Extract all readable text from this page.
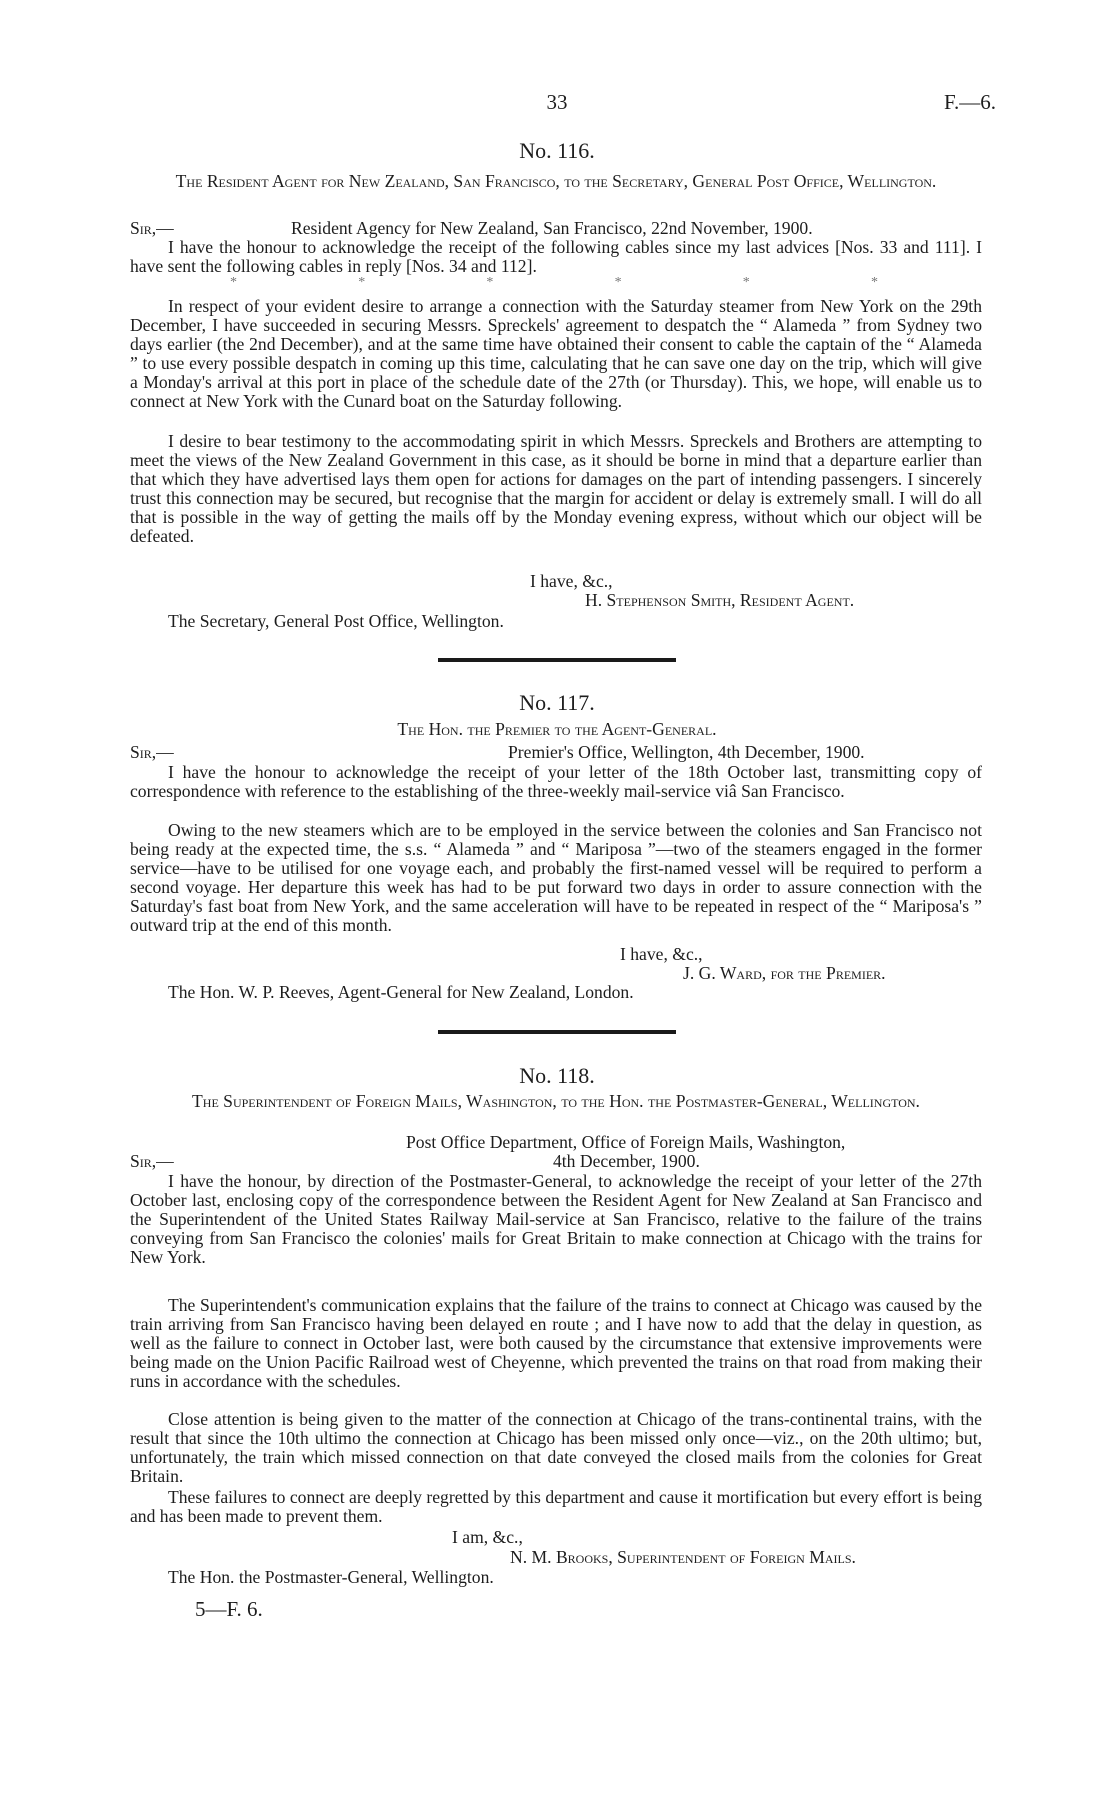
33	F.—6.
No. 116.
The Resident Agent for New Zealand, San Francisco, to the Secretary, General Post Office, Wellington.
Sir,—	Resident Agency for New Zealand, San Francisco, 22nd November, 1900.

I have the honour to acknowledge the receipt of the following cables since my last advices [Nos. 33 and 111]. I have sent the following cables in reply [Nos. 34 and 112].

*	*	*	*	*	*

In respect of your evident desire to arrange a connection with the Saturday steamer from New York on the 29th December, I have succeeded in securing Messrs. Spreckels' agreement to despatch the “ Alameda ” from Sydney two days earlier (the 2nd December), and at the same time have obtained their consent to cable the captain of the “ Alameda ” to use every possible despatch in coming up this time, calculating that he can save one day on the trip, which will give a Monday's arrival at this port in place of the schedule date of the 27th (or Thursday). This, we hope, will enable us to connect at New York with the Cunard boat on the Saturday following.

I desire to bear testimony to the accommodating spirit in which Messrs. Spreckels and Brothers are attempting to meet the views of the New Zealand Government in this case, as it should be borne in mind that a departure earlier than that which they have advertised lays them open for actions for damages on the part of intending passengers. I sincerely trust this connection may be secured, but recognise that the margin for accident or delay is extremely small. I will do all that is possible in the way of getting the mails off by the Monday evening express, without which our object will be defeated.

I have, &c.,
H. Stephenson Smith, Resident Agent.
The Secretary, General Post Office, Wellington.
No. 117.
The Hon. the Premier to the Agent-General.
Sir,—	Premier's Office, Wellington, 4th December, 1900.

I have the honour to acknowledge the receipt of your letter of the 18th October last, transmitting copy of correspondence with reference to the establishing of the three-weekly mail-service viâ San Francisco.

Owing to the new steamers which are to be employed in the service between the colonies and San Francisco not being ready at the expected time, the s.s. “ Alameda ” and “ Mariposa ”—two of the steamers engaged in the former service—have to be utilised for one voyage each, and probably the first-named vessel will be required to perform a second voyage. Her departure this week has had to be put forward two days in order to assure connection with the Saturday's fast boat from New York, and the same acceleration will have to be repeated in respect of the “ Mariposa's ” outward trip at the end of this month.

I have, &c.,
J. G. Ward, for the Premier.
The Hon. W. P. Reeves, Agent-General for New Zealand, London.
No. 118.
The Superintendent of Foreign Mails, Washington, to the Hon. the Postmaster-General, Wellington.
Post Office Department, Office of Foreign Mails, Washington,
Sir,—	4th December, 1900.

I have the honour, by direction of the Postmaster-General, to acknowledge the receipt of your letter of the 27th October last, enclosing copy of the correspondence between the Resident Agent for New Zealand at San Francisco and the Superintendent of the United States Railway Mail-service at San Francisco, relative to the failure of the trains conveying from San Francisco the colonies' mails for Great Britain to make connection at Chicago with the trains for New York.

The Superintendent's communication explains that the failure of the trains to connect at Chicago was caused by the train arriving from San Francisco having been delayed en route ; and I have now to add that the delay in question, as well as the failure to connect in October last, were both caused by the circumstance that extensive improvements were being made on the Union Pacific Railroad west of Cheyenne, which prevented the trains on that road from making their runs in accordance with the schedules.

Close attention is being given to the matter of the connection at Chicago of the trans-continental trains, with the result that since the 10th ultimo the connection at Chicago has been missed only once—viz., on the 20th ultimo; but, unfortunately, the train which missed connection on that date conveyed the closed mails from the colonies for Great Britain.

These failures to connect are deeply regretted by this department and cause it mortification but every effort is being and has been made to prevent them.

I am, &c.,
N. M. Brooks, Superintendent of Foreign Mails.
The Hon. the Postmaster-General, Wellington.
5—F. 6.
